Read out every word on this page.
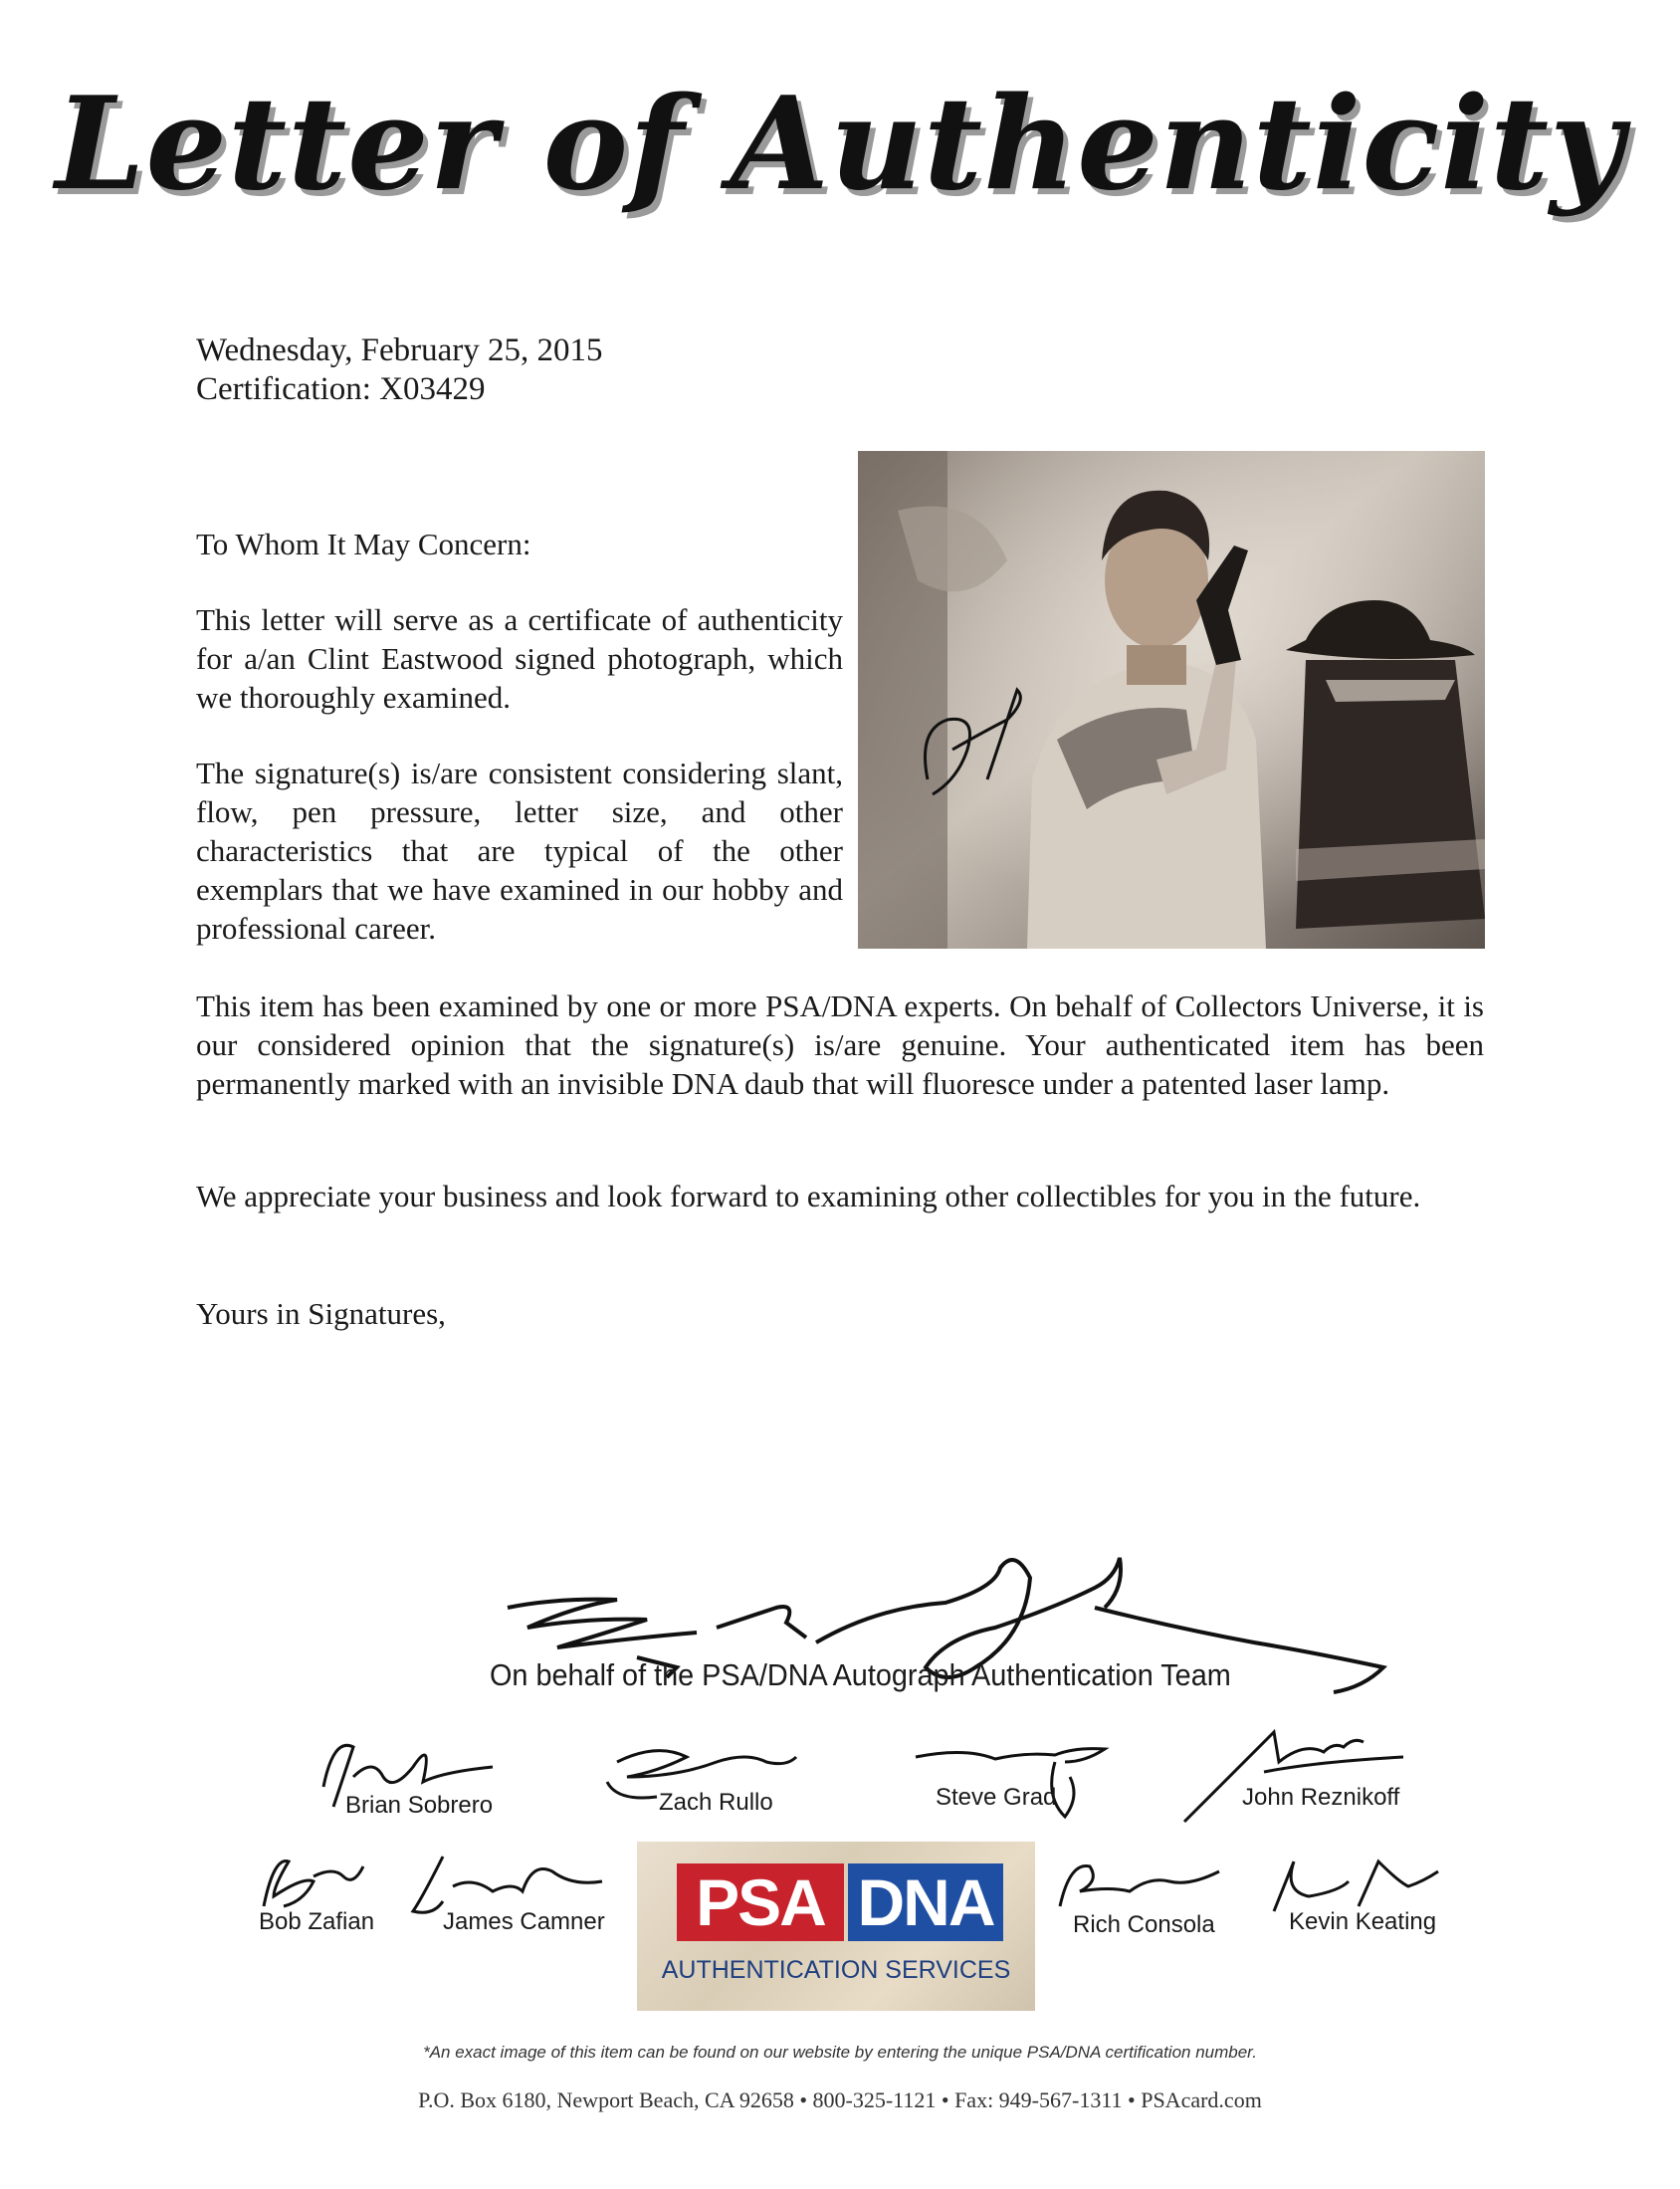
Letter of Authenticity
Wednesday, February 25, 2015
Certification: X03429
To Whom It May Concern:
This letter will serve as a certificate of authenticity for a/an Clint Eastwood signed photograph, which we thoroughly examined.
The signature(s) is/are consistent considering slant, flow, pen pressure, letter size, and other characteristics that are typical of the other exemplars that we have examined in our hobby and professional career.
This item has been examined by one or more PSA/DNA experts. On behalf of Collectors Universe, it is our considered opinion that the signature(s) is/are genuine. Your authenticated item has been permanently marked with an invisible DNA daub that will fluoresce under a patented laser lamp.
We appreciate your business and look forward to examining other collectibles for you in the future.
Yours in Signatures,
On behalf of the PSA/DNA Autograph Authentication Team
Brian Sobrero	Zach Rullo	Steve Grad	John Reznikoff
Bob Zafian	James Camner	Rich Consola	Kevin Keating
PSA DNA
AUTHENTICATION SERVICES
*An exact image of this item can be found on our website by entering the unique PSA/DNA certification number.
P.O. Box 6180, Newport Beach, CA 92658 • 800-325-1121 • Fax: 949-567-1311 • PSAcard.com
